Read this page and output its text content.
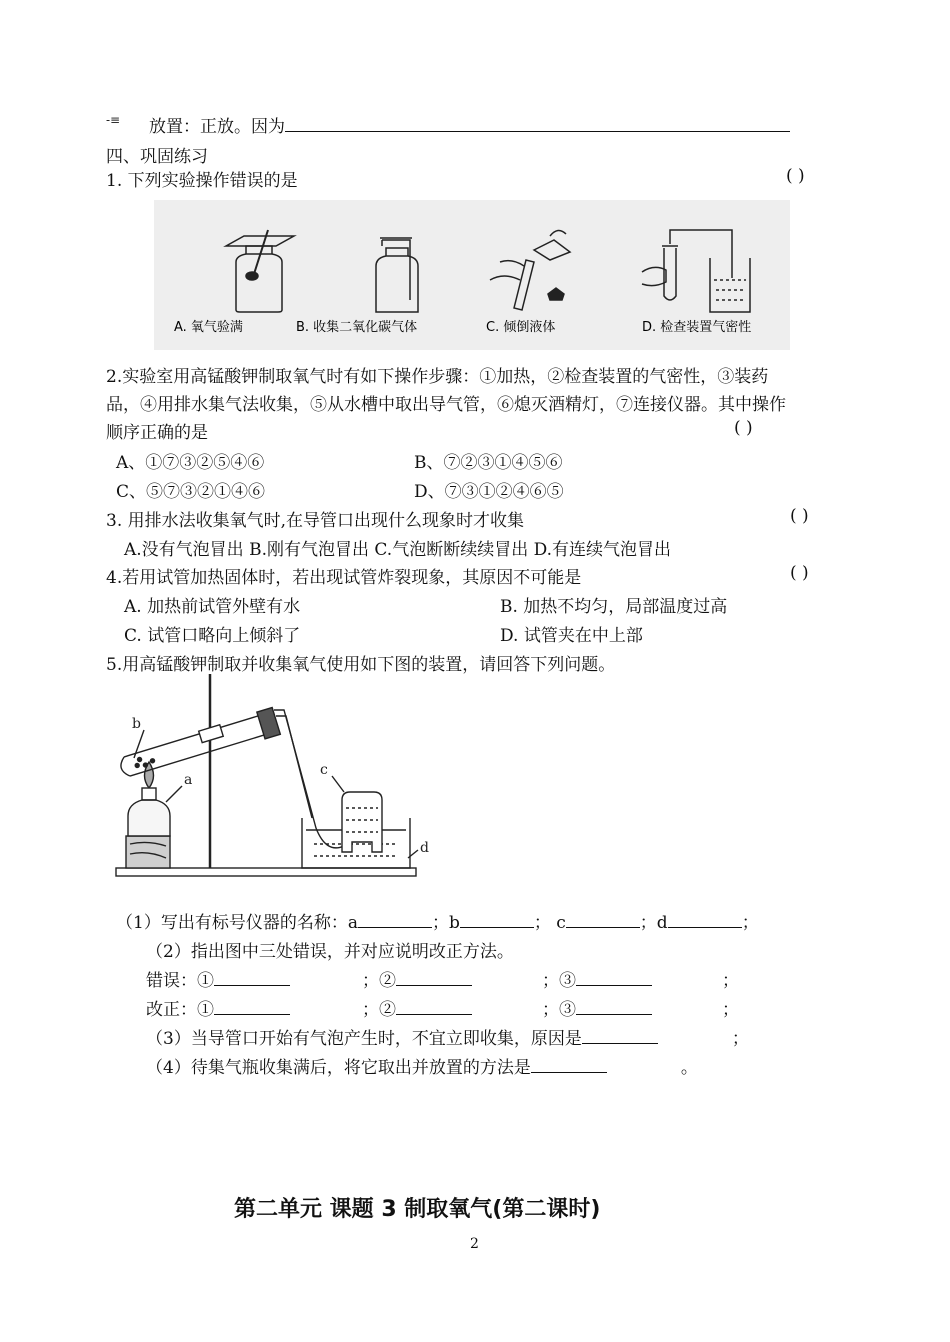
-≡ 放置：正放。因为
四、巩固练习
1. 下列实验操作错误的是	( )
A. 氧气验满	B. 收集二氧化碳气体	C. 倾倒液体	D. 检查装置气密性
2.实验室用高锰酸钾制取氧气时有如下操作步骤：①加热，②检查装置的气密性，③装药
品，④用排水集气法收集，⑤从水槽中取出导气管，⑥熄灭酒精灯，⑦连接仪器。其中操作
顺序正确的是	( )
A、①⑦③②⑤④⑥	B、⑦②③①④⑤⑥
C、⑤⑦③②①④⑥	D、⑦③①②④⑥⑤
3. 用排水法收集氧气时,在导管口出现什么现象时才收集	( )
A.没有气泡冒出 B.刚有气泡冒出 C.气泡断断续续冒出 D.有连续气泡冒出
4.若用试管加热固体时，若出现试管炸裂现象，其原因不可能是	( )
A. 加热前试管外壁有水	B. 加热不均匀，局部温度过高
C. 试管口略向上倾斜了	D. 试管夹在中上部
5.用高锰酸钾制取并收集氧气使用如下图的装置，请回答下列问题。
b
a
c
d
（1）写出有标号仪器的名称：a	；b	； c	；d	；
（2）指出图中三处错误，并对应说明改正方法。
错误：①	；②	；③	；
改正：①	；②	；③	；
（3）当导管口开始有气泡产生时，不宜立即收集，原因是	；
（4）待集气瓶收集满后，将它取出并放置的方法是	。
第二单元 课题 3 制取氧气(第二课时)
2
